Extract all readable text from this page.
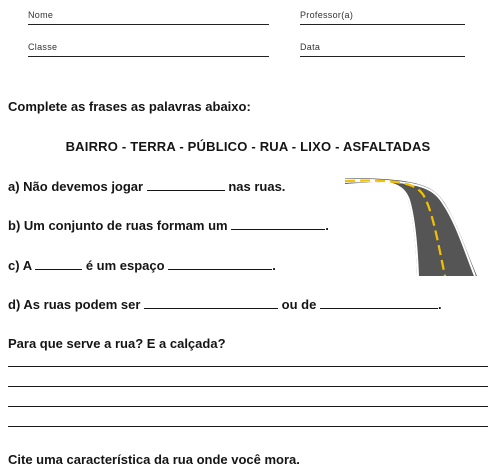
Nome	Professor(a)
Classe	Data
Complete as frases as palavras abaixo:
BAIRRO - TERRA - PÚBLICO - RUA - LIXO - ASFALTADAS
a) Não devemos jogar	nas ruas.
b) Um conjunto de ruas formam um	.
c) A	é um espaço	.
d) As ruas podem ser	ou de	.
Para que serve a rua? E a calçada?
Cite uma característica da rua onde você mora.
